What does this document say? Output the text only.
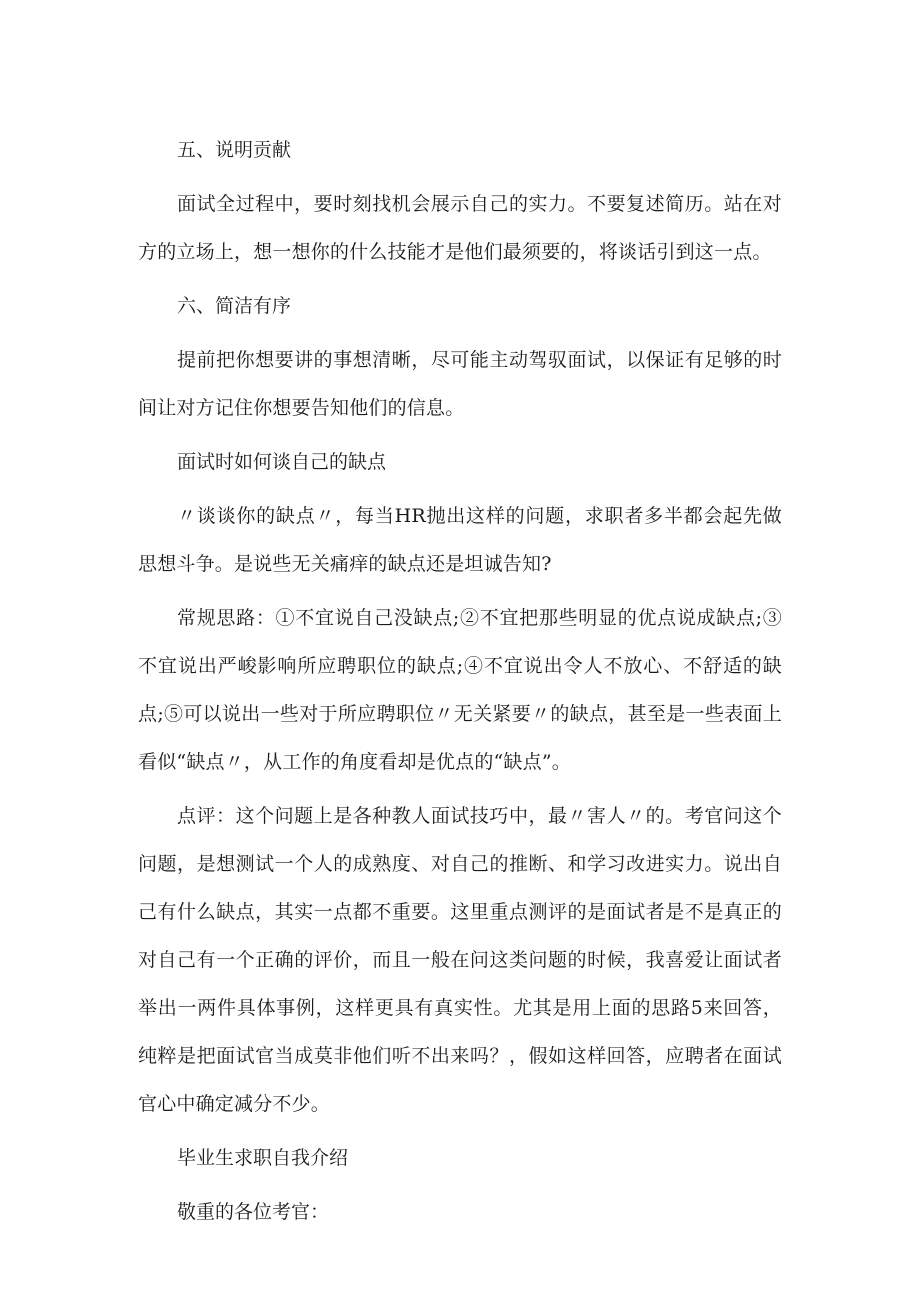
五、说明贡献
面试全过程中，要时刻找机会展示自己的实力。不要复述简历。站在对方的立场上，想一想你的什么技能才是他们最须要的，将谈话引到这一点。
六、简洁有序
提前把你想要讲的事想清晰，尽可能主动驾驭面试，以保证有足够的时间让对方记住你想要告知他们的信息。
面试时如何谈自己的缺点
〃谈谈你的缺点〃，每当HR抛出这样的问题，求职者多半都会起先做思想斗争。是说些无关痛痒的缺点还是坦诚告知?
常规思路：①不宜说自己没缺点;②不宜把那些明显的优点说成缺点;③不宜说出严峻影响所应聘职位的缺点;④不宜说出令人不放心、不舒适的缺点;⑤可以说出一些对于所应聘职位〃无关紧要〃的缺点，甚至是一些表面上看似“缺点〃，从工作的角度看却是优点的“缺点”。
点评：这个问题上是各种教人面试技巧中，最〃害人〃的。考官问这个问题，是想测试一个人的成熟度、对自己的推断、和学习改进实力。说出自己有什么缺点，其实一点都不重要。这里重点测评的是面试者是不是真正的对自己有一个正确的评价，而且一般在问这类问题的时候，我喜爱让面试者举出一两件具体事例，这样更具有真实性。尤其是用上面的思路5来回答，纯粹是把面试官当成莫非他们听不出来吗？，假如这样回答，应聘者在面试官心中确定减分不少。
毕业生求职自我介绍
敬重的各位考官：
